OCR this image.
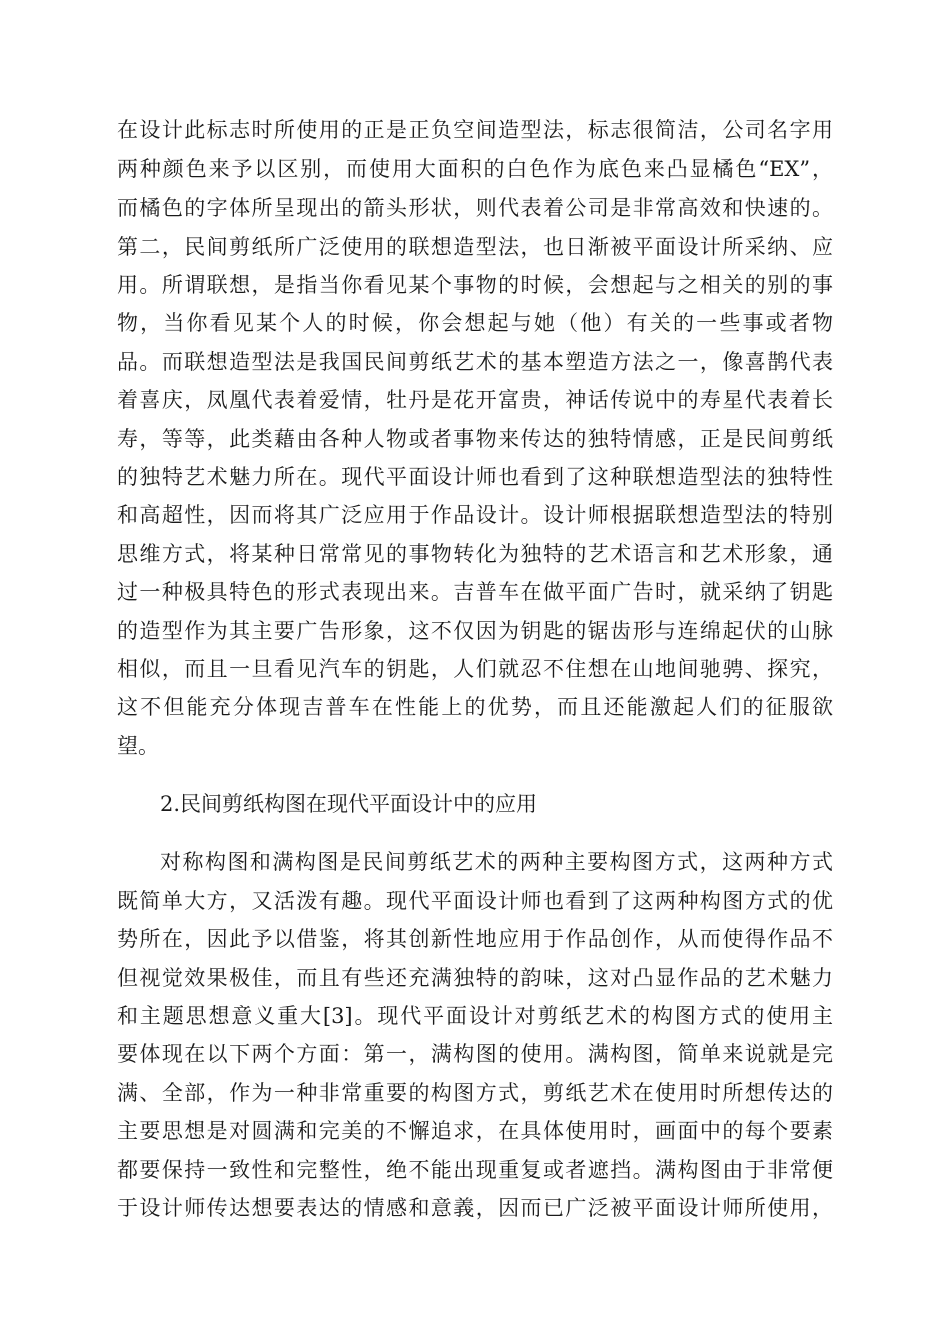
在设计此标志时所使用的正是正负空间造型法，标志很简洁，公司名字用
两种颜色来予以区别，而使用大面积的白色作为底色来凸显橘色“EX”，
而橘色的字体所呈现出的箭头形状，则代表着公司是非常高效和快速的。
第二，民间剪纸所广泛使用的联想造型法，也日渐被平面设计所采纳、应
用。所谓联想，是指当你看见某个事物的时候，会想起与之相关的别的事
物，当你看见某个人的时候，你会想起与她（他）有关的一些事或者物
品。而联想造型法是我国民间剪纸艺术的基本塑造方法之一，像喜鹊代表
着喜庆，凤凰代表着爱情，牡丹是花开富贵，神话传说中的寿星代表着长
寿，等等，此类藉由各种人物或者事物来传达的独特情感，正是民间剪纸
的独特艺术魅力所在。现代平面设计师也看到了这种联想造型法的独特性
和高超性，因而将其广泛应用于作品设计。设计师根据联想造型法的特别
思维方式，将某种日常常见的事物转化为独特的艺术语言和艺术形象，通
过一种极具特色的形式表现出来。吉普车在做平面广告时，就采纳了钥匙
的造型作为其主要广告形象，这不仅因为钥匙的锯齿形与连绵起伏的山脉
相似，而且一旦看见汽车的钥匙，人们就忍不住想在山地间驰骋、探究，
这不但能充分体现吉普车在性能上的优势，而且还能激起人们的征服欲
望。
2.民间剪纸构图在现代平面设计中的应用
对称构图和满构图是民间剪纸艺术的两种主要构图方式，这两种方式
既简单大方，又活泼有趣。现代平面设计师也看到了这两种构图方式的优
势所在，因此予以借鉴，将其创新性地应用于作品创作，从而使得作品不
但视觉效果极佳，而且有些还充满独特的韵味，这对凸显作品的艺术魅力
和主题思想意义重大[3]。现代平面设计对剪纸艺术的构图方式的使用主
要体现在以下两个方面：第一，满构图的使用。满构图，简单来说就是完
满、全部，作为一种非常重要的构图方式，剪纸艺术在使用时所想传达的
主要思想是对圆满和完美的不懈追求，在具体使用时，画面中的每个要素
都要保持一致性和完整性，绝不能出现重复或者遮挡。满构图由于非常便
于设计师传达想要表达的情感和意義，因而已广泛被平面设计师所使用，
